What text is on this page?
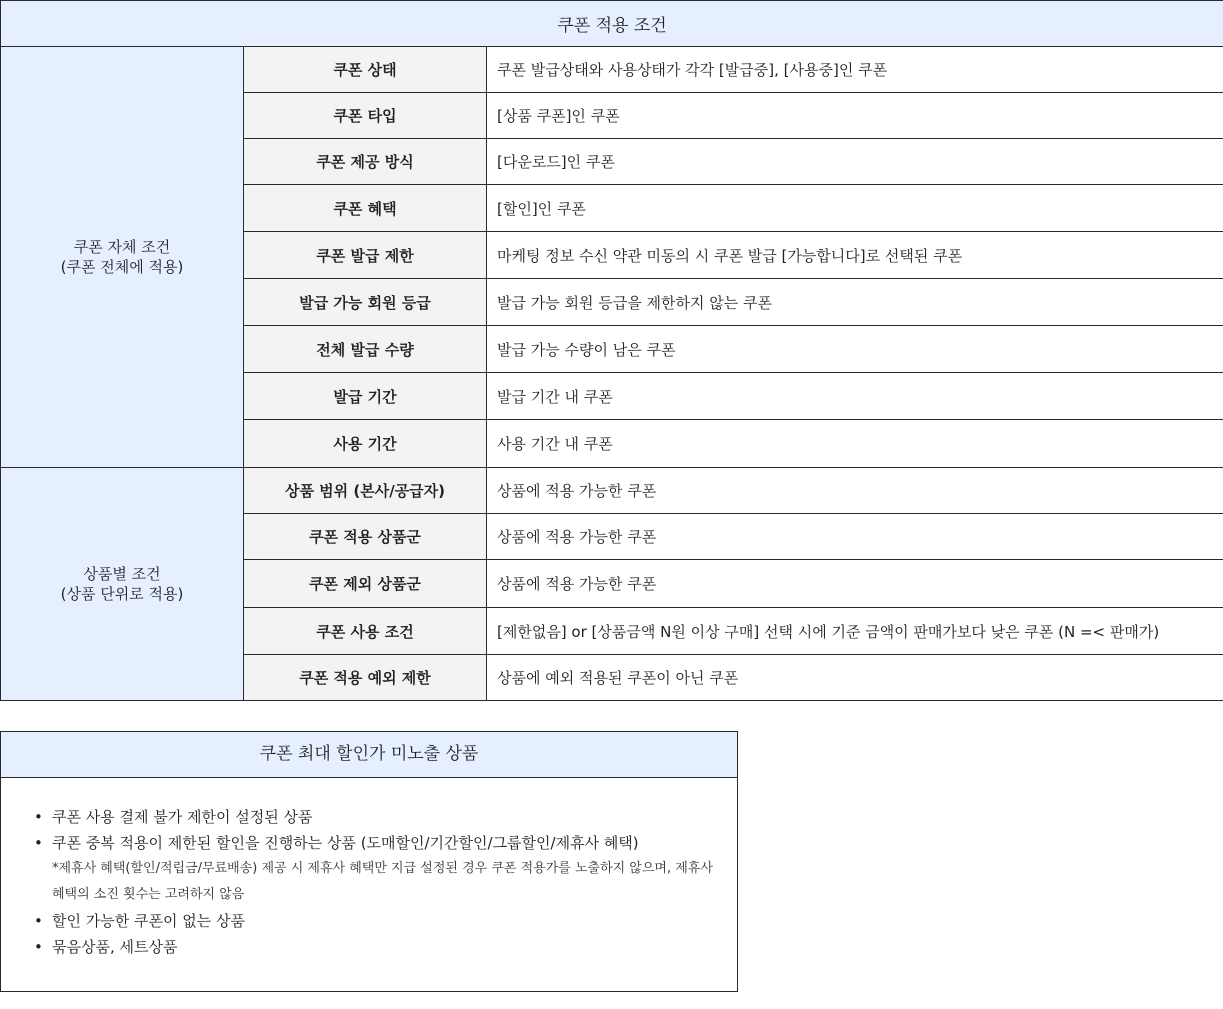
쿠폰 적용 조건		

쿠폰 자체 조건
(쿠폰 전체에 적용)	쿠폰 상태	쿠폰 발급상태와 사용상태가 각각 [발급중], [사용중]인 쿠폰
	쿠폰 타입	[상품 쿠폰]인 쿠폰
	쿠폰 제공 방식	[다운로드]인 쿠폰
	쿠폰 혜택	[할인]인 쿠폰
	쿠폰 발급 제한	마케팅 정보 수신 약관 미동의 시 쿠폰 발급 [가능합니다]로 선택된 쿠폰
	발급 가능 회원 등급	발급 가능 회원 등급을 제한하지 않는 쿠폰
	전체 발급 수량	발급 가능 수량이 남은 쿠폰
	발급 기간	발급 기간 내 쿠폰
	사용 기간	사용 기간 내 쿠폰

상품별 조건
(상품 단위로 적용)	상품 범위 (본사/공급자)	상품에 적용 가능한 쿠폰
	쿠폰 적용 상품군	상품에 적용 가능한 쿠폰
	쿠폰 제외 상품군	상품에 적용 가능한 쿠폰
	쿠폰 사용 조건	[제한없음] or [상품금액 N원 이상 구매] 선택 시에 기준 금액이 판매가보다 낮은 쿠폰 (N =< 판매가)
	쿠폰 적용 예외 제한	상품에 예외 적용된 쿠폰이 아닌 쿠폰
쿠폰 최대 할인가 미노출 상품
• 쿠폰 사용 결제 불가 제한이 설정된 상품
• 쿠폰 중복 적용이 제한된 할인을 진행하는 상품 (도매할인/기간할인/그룹할인/제휴사 혜택)
*제휴사 혜택(할인/적립금/무료배송) 제공 시 제휴사 혜택만 지급 설정된 경우 쿠폰 적용가를 노출하지 않으며, 제휴사 혜택의 소진 횟수는 고려하지 않음
• 할인 가능한 쿠폰이 없는 상품
• 묶음상품, 세트상품
